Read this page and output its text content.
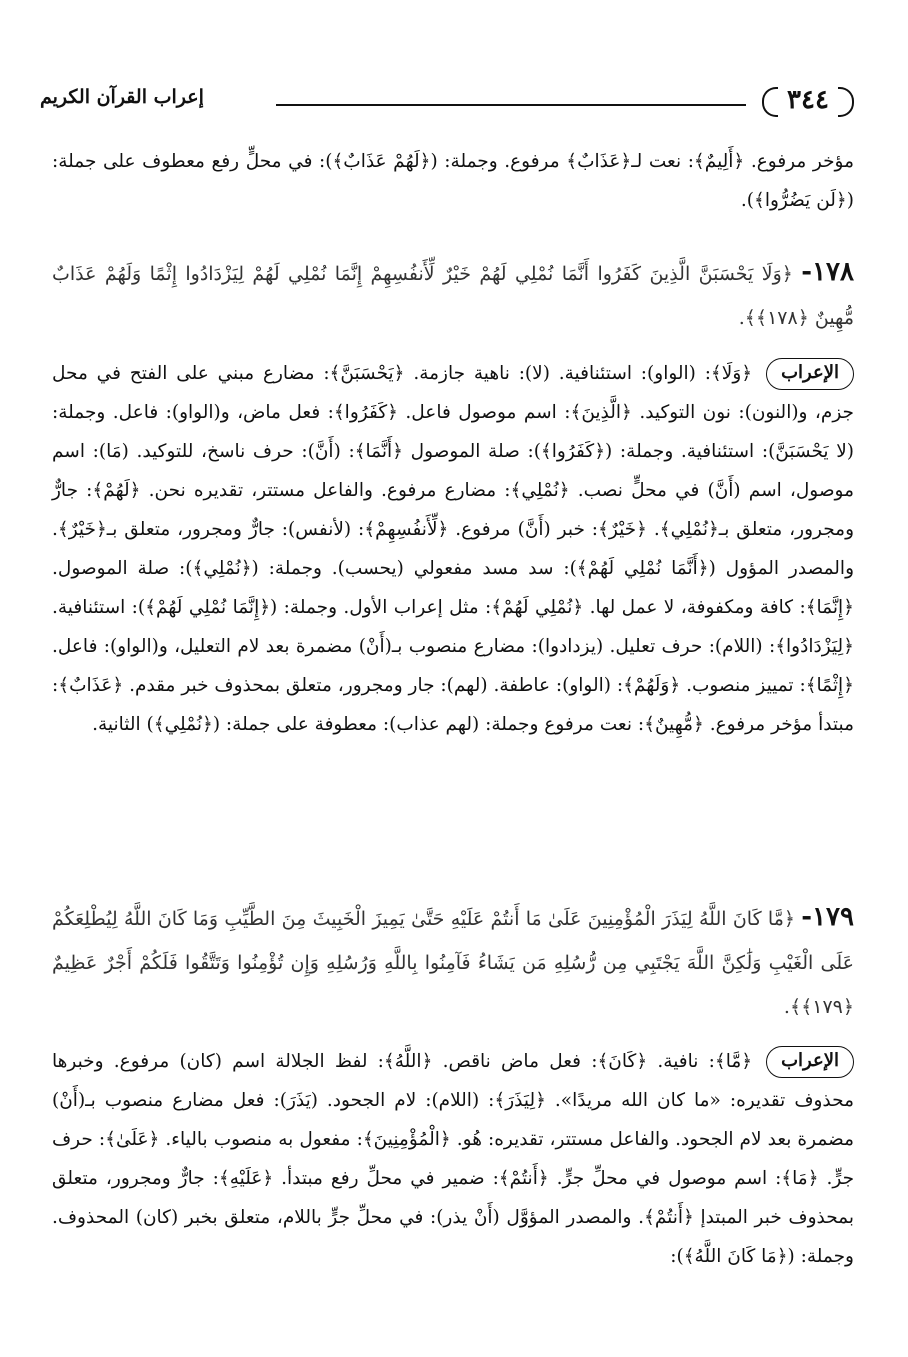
٣٤٤
إعراب القرآن الكريم

مؤخر مرفوع. ﴿أَلِيمٌ﴾: نعت لـ﴿عَذَابٌ﴾ مرفوع. وجملة: (﴿لَهُمْ عَذَابٌ﴾): في محلٍّ رفع معطوف على جملة: (﴿لَن يَضُرُّوا﴾).

١٧٨- ﴿وَلَا يَحْسَبَنَّ الَّذِينَ كَفَرُوا أَنَّمَا نُمْلِي لَهُمْ خَيْرٌ لِّأَنفُسِهِمْ إِنَّمَا نُمْلِي لَهُمْ لِيَزْدَادُوا إِثْمًا وَلَهُمْ عَذَابٌ مُّهِينٌ ﴿١٧٨﴾﴾.

الإعراب

﴿وَلَا﴾: (الواو): استئنافية. (لا): ناهية جازمة. ﴿يَحْسَبَنَّ﴾: مضارع مبني على الفتح في محل جزم، و(النون): نون التوكيد. ﴿الَّذِينَ﴾: اسم موصول فاعل. ﴿كَفَرُوا﴾: فعل ماض، و(الواو): فاعل. وجملة: (لا يَحْسَبَنَّ): استئنافية. وجملة: (﴿كَفَرُوا﴾): صلة الموصول ﴿أَنَّمَا﴾: (أَنَّ): حرف ناسخ، للتوكيد. (مَا): اسم موصول، اسم (أَنَّ) في محلٍّ نصب. ﴿نُمْلِي﴾: مضارع مرفوع. والفاعل مستتر، تقديره نحن. ﴿لَهُمْ﴾: جارٌّ ومجرور، متعلق بـ﴿نُمْلِي﴾. ﴿خَيْرٌ﴾: خبر (أَنَّ) مرفوع. ﴿لِّأَنفُسِهِمْ﴾: (لأنفس): جارٌّ ومجرور، متعلق بـ﴿خَيْرٌ﴾. والمصدر المؤول (﴿أَنَّمَا نُمْلِي لَهُمْ﴾): سد مسد مفعولي (يحسب). وجملة: (﴿نُمْلِي﴾): صلة الموصول. ﴿إِنَّمَا﴾: كافة ومكفوفة، لا عمل لها. ﴿نُمْلِي لَهُمْ﴾: مثل إعراب الأول. وجملة: (﴿إِنَّمَا نُمْلِي لَهُمْ﴾): استئنافية. ﴿لِيَزْدَادُوا﴾: (اللام): حرف تعليل. (يزدادوا): مضارع منصوب بـ(أَنْ) مضمرة بعد لام التعليل، و(الواو): فاعل. ﴿إِثْمًا﴾: تمييز منصوب. ﴿وَلَهُمْ﴾: (الواو): عاطفة. (لهم): جار ومجرور، متعلق بمحذوف خبر مقدم. ﴿عَذَابٌ﴾: مبتدأ مؤخر مرفوع. ﴿مُّهِينٌ﴾: نعت مرفوع وجملة: (لهم عذاب): معطوفة على جملة: (﴿نُمْلِي﴾) الثانية.

١٧٩- ﴿مَّا كَانَ اللَّهُ لِيَذَرَ الْمُؤْمِنِينَ عَلَىٰ مَا أَنتُمْ عَلَيْهِ حَتَّىٰ يَمِيزَ الْخَبِيثَ مِنَ الطَّيِّبِ وَمَا كَانَ اللَّهُ لِيُطْلِعَكُمْ عَلَى الْغَيْبِ وَلَٰكِنَّ اللَّهَ يَجْتَبِي مِن رُّسُلِهِ مَن يَشَاءُ فَآمِنُوا بِاللَّهِ وَرُسُلِهِ وَإِن تُؤْمِنُوا وَتَتَّقُوا فَلَكُمْ أَجْرٌ عَظِيمٌ ﴿١٧٩﴾﴾.

الإعراب

﴿مَّا﴾: نافية. ﴿كَانَ﴾: فعل ماض ناقص. ﴿اللَّهُ﴾: لفظ الجلالة اسم (كان) مرفوع. وخبرها محذوف تقديره: «ما كان الله مريدًا». ﴿لِيَذَرَ﴾: (اللام): لام الجحود. (يَذَرَ): فعل مضارع منصوب بـ(أَنْ) مضمرة بعد لام الجحود. والفاعل مستتر، تقديره: هُو. ﴿الْمُؤْمِنِينَ﴾: مفعول به منصوب بالياء. ﴿عَلَىٰ﴾: حرف جرٍّ. ﴿مَا﴾: اسم موصول في محلِّ جرٍّ. ﴿أَنتُمْ﴾: ضمير في محلِّ رفع مبتدأ. ﴿عَلَيْهِ﴾: جارٌّ ومجرور، متعلق بمحذوف خبر المبتدإ ﴿أَنتُمْ﴾. والمصدر المؤوَّل (أَنْ يذر): في محلِّ جرٍّ باللام، متعلق بخبر (كان) المحذوف. وجملة: (﴿مَا كَانَ اللَّهُ﴾):
